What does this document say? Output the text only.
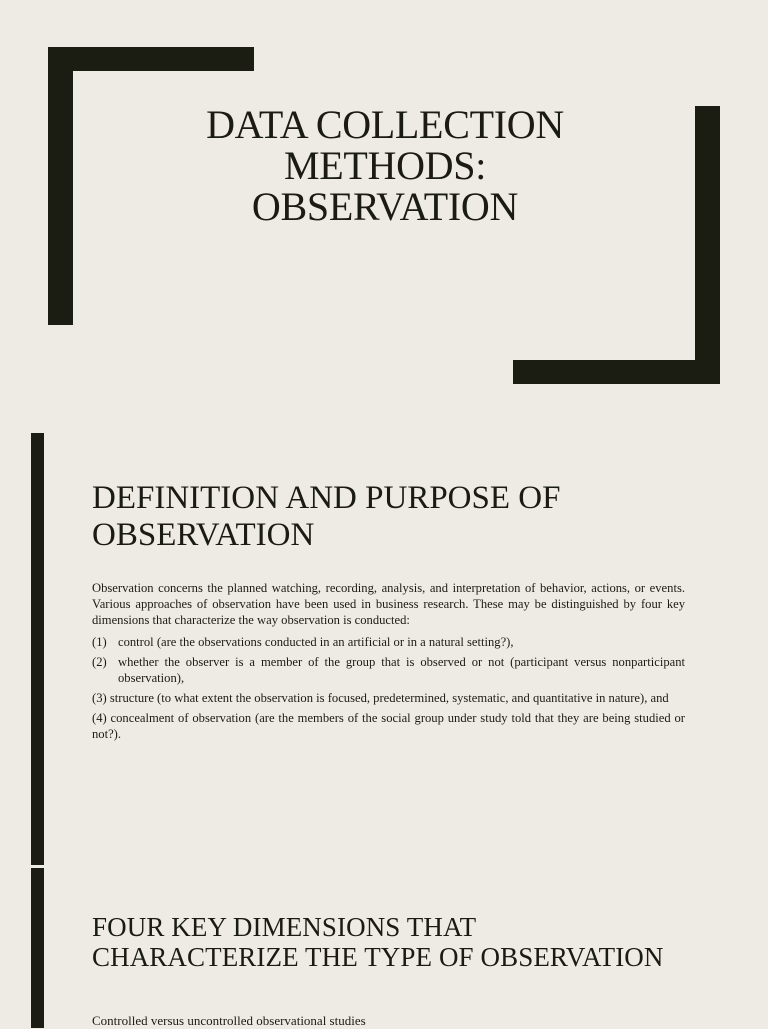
DATA COLLECTION
METHODS:
OBSERVATION
DEFINITION AND PURPOSE OF
OBSERVATION

Observation concerns the planned watching, recording, analysis, and interpretation of behavior, actions, or events. Various approaches of observation have been used in business research. These may be distinguished by four key dimensions that characterize the way observation is conducted:

(1) control (are the observations conducted in an artificial or in a natural setting?),
(2) whether the observer is a member of the group that is observed or not (participant versus nonparticipant observation),
(3) structure (to what extent the observation is focused, predetermined, systematic, and quantitative in nature), and
(4) concealment of observation (are the members of the social group under study told that they are being studied or not?).
FOUR KEY DIMENSIONS THAT
CHARACTERIZE THE TYPE OF OBSERVATION
Controlled versus uncontrolled observational studies
